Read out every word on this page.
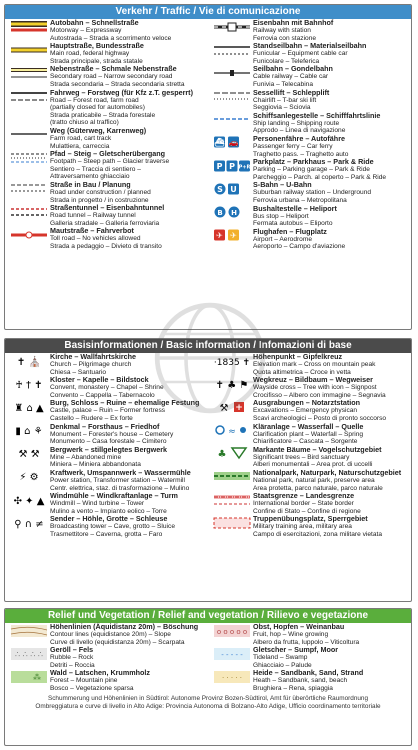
Verkehr / Traffic / Vie di comunicazione
Autobahn – Schnellstraße
Motorway – Expressway
Autostrada – Strada a scorrimento veloce
Hauptstraße, Bundesstraße
Main road, federal highway
Strada principale, strada statale
Nebenstraße – Schmale Nebenstraße
Secondary road – Narrow secondary road
Strada secondaria – Strada secondaria stretta
Fahrweg – Forstweg (für Kfz z.T. gesperrt)
Road – Forest road, farm road
(partially closed for automobiles)
Strada praticabile – Strada forestale
(tratto chiuso al traffico)
Weg (Güterweg, Karrenweg)
Farm road, cart track
Mulattiera, carreccia
Pfad – Steig – Gletscherübergang
Footpath – Steep path – Glacier traverse
Sentiero – Traccia di sentiero –
Attraversamento ghiacciaio
Straße in Bau / Planung
Road under construction / planned
Strada in progetto / in costruzione
Straßentunnel – Eisenbahntunnel
Road tunnel – Railway tunnel
Galleria stradale – Galleria ferroviaria
Mautstraße – Fahrverbot
Toll road – No vehicles allowed
Strada a pedaggio – Divieto di transito
Eisenbahn mit Bahnhof
Railway with station
Ferrovia con stazione
Standseilbahn – Materialseilbahn
Funicular – Equipment cable car
Funicolare – Teleferica
Seilbahn – Gondelbahn
Cable railway – Cable car
Funivia – Telecabina
Sessellift – Schlepplift
Chairlift – T-bar ski lift
Seggiovia – Sciovia
Schiffsanlegestelle – Schifffahrtslinie
Ship landing – Shipping route
Approdo – Linea di navigazione
⛴ 🚗 Personenfähre – Autofähre
Passenger ferry – Car ferry
Traghetto pass. – Traghetto auto
P P P+R
Parkplatz – Parkhaus – Park & Ride
Parking – Parking garage – Park & Ride
Parcheggio – Parch. al coperto – Park & Ride
S U S-Bahn – U-Bahn
Suburban railway station – Underground
Ferrovia urbana – Metropolitana
B H
Bushaltestelle – Heliport
Bus stop – Heliport
Fermata autobus – Eliporto
✈ ✈ Flughafen – Flugplatz
Airport – Aerodrome
Aeroporto – Campo d'aviazione
Basisinformationen / Basic information / Infomazioni di base
✝ ⛪ Kirche – Wallfahrtskirche
Church – Pilgrimage church
Chiesa – Santuario
♰ † ✝ Kloster – Kapelle – Bildstock
Convent, monastery – Chapel – Shrine
Convento – Cappella – Tabernacolo
♜ ⌂ ▲ Burg, Schloss – Ruine – ehemalige Festung
Castle, palace – Ruin – Former fortress
Castello – Rudere – Ex forte
▮ ⌂ ⚘ Denkmal – Forsthaus – Friedhof
Monument – Forester's house – Cemetery
Monumento – Casa forestale – Cimitero
⚒ ⚒ Bergwerk – stillgelegtes Bergwerk
Mine – Abandoned mine
Miniera – Miniera abbandonata
⚡ ⚙ Kraftwerk, Umspannwerk – Wassermühle
Power station, Transformer station – Watermill
Centr. elettrica, staz. di trasformazione – Mulino
✣ ✦ ▲ Windmühle – Windkraftanlage – Turm
Windmill – Wind turbine – Tower
Mulino a vento – Impianto eolico – Torre
⚲ ∩ ≠ Sender – Höhle, Grotte – Schleuse
Broadcasting tower – Cave, grotto – Sluice
Trasmettitore – Caverna, grotta – Faro
·1835 ✝
Höhenpunkt – Gipfelkreuz
Elevation mark – Cross on mountain peak
Quota altimetrica – Croce in vetta
✝ ♣ ⚑ Wegkreuz – Bildbaum – Wegweiser
Wayside cross – Tree with icon – Signpost
Crocifisso – Albero con immagine – Segnavia
⚒ + Ausgrabungen – Notarztstation
Excavations – Emergency physican
Scavi archeologici – Posto di pronto soccorso
≈
Kläranlage – Wasserfall – Quelle
Clarification plant – Waterfall – Spring
Chiarificatore – Cascata – Sorgente
♣	Markante Bäume – Vogelschutzgebiet
Significant trees – Bird sanctuary
Alberi monumentali – Area prot. di uccelli
Nationalpark, Naturpark, Naturschutzgebiet
National park, natural park, preserve area
Area protetta, parco naturale, parco naturale
Staatsgrenze – Landesgrenze
International border – State border
Confine di Stato – Confine di regione
Truppenübungsplatz, Sperrgebiet
Military training area, military area
Campo di esercitazioni, zona militare vietata
Relief und Vegetation / Relief and vegetation / Rilievo e vegetazione
Höhenlinien (Äquidistanz 20m) – Böschung
Contour lines (equidistance 20m) – Slope
Curve di livello (equidistanza 20m) – Scarpata
∴ ∴ ∴ ∴ Geröll – Fels
Rubble – Rock
Detriti – Roccia
⁂ Wald – Latschen, Krummholz
Forest – Mountain pine
Bosco – Vegetazione sparsa
o o o o o
Obst, Hopfen – Weinanbau
Fruit, hop – Wine growing
Albero da frutta, luppolo – Viticoltura
- - - - -
Gletscher – Sumpf, Moor
Tideland – Swamp
Ghiacciaio – Palude
· · · · ·
Heide – Sandbank, Sand, Strand
Heath – Sandbank, sand, beach
Brughiera – Rena, spiaggia
Schummerung und Höhenlinien in Südtirol: Autonome Provinz Bozen-Südtirol, Amt für überörtliche Raumordnung
Ombreggiatura e curve di livello in Alto Adige: Provincia Autonoma di Bolzano-Alto Adige, Ufficio coordinamento territoriale
